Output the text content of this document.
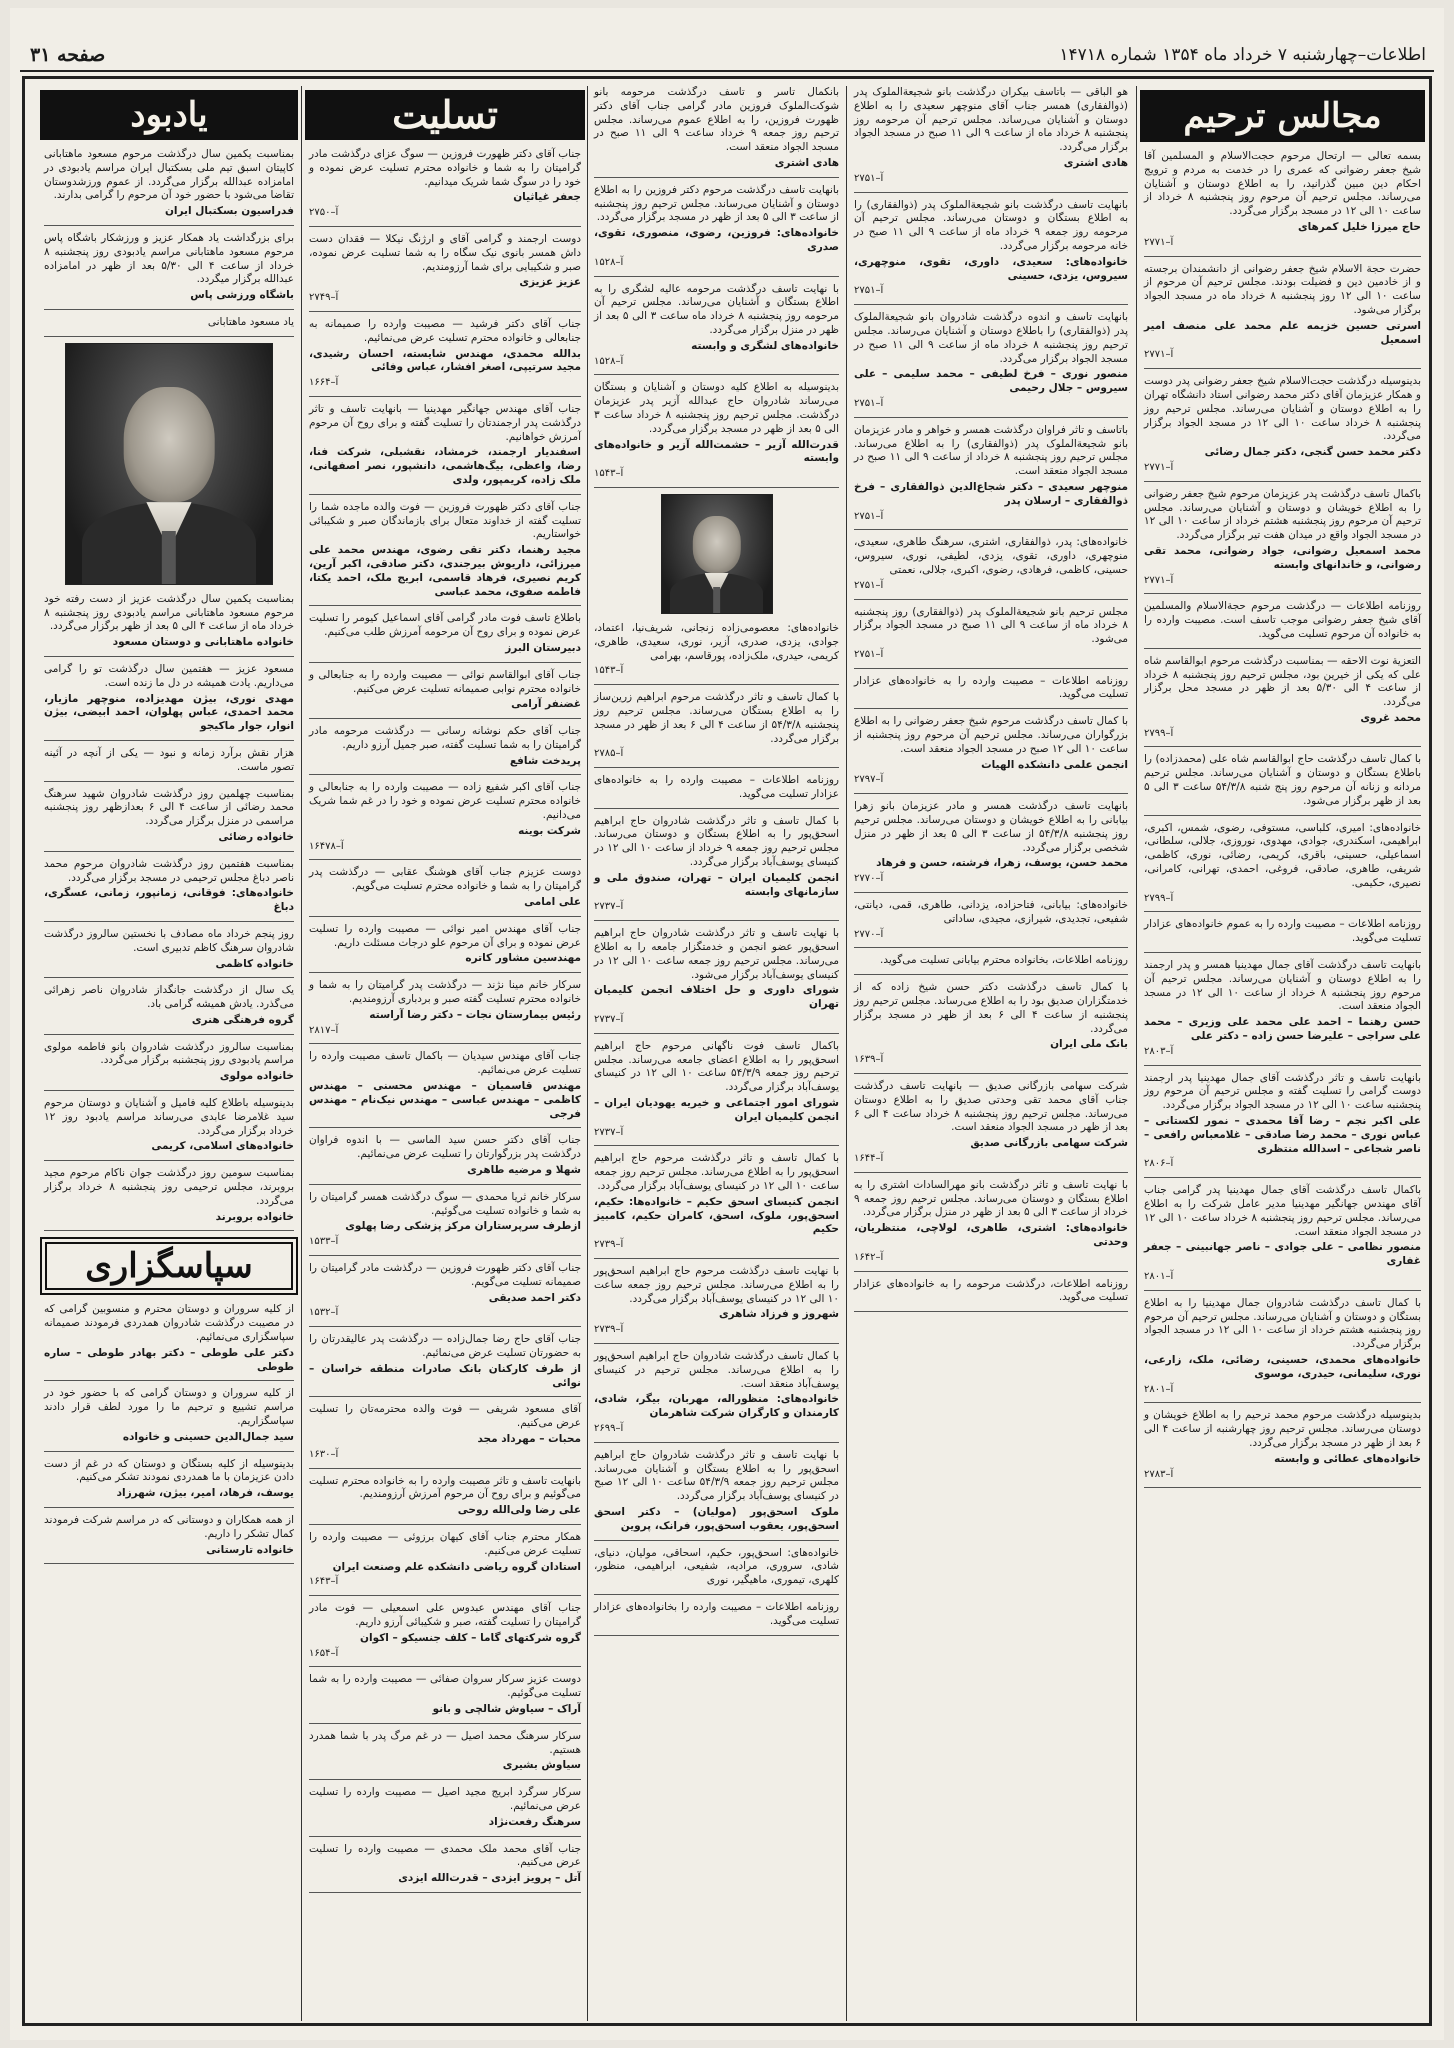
اطلاعات–چهارشنبه ۷ خرداد ماه ۱۳۵۴ شماره ۱۴۷۱۸
صفحه ۳۱
مجالس ترحیم

بسمه تعالی — ارتحال مرحوم حجت‌الاسلام و المسلمین آقا شیخ جعفر رضوانی که عمری را در خدمت به مردم و ترویج احکام دین مبین گذرانید، را به اطلاع دوستان و آشنایان می‌رساند. مجلس ترحیم آن مرحوم روز پنجشنبه ۸ خرداد از ساعت ۱۰ الی ۱۲ در مسجد برگزار می‌گردد.

حاج میرزا خلیل کمرهای
آ–۲۷۷۱

حضرت حجة الاسلام شیخ جعفر رضوانی از دانشمندان برجسته و از خادمین دین و فضیلت بودند. مجلس ترحیم آن مرحوم از ساعت ۱۰ الی ۱۲ روز پنجشنبه ۸ خرداد ماه در مسجد الجواد برگزار می‌شود.

اسرتی حسین خزیمه علم محمد علی منصف امیر اسمعیل
آ–۲۷۷۱

بدینوسیله درگذشت حجت‌الاسلام شیخ جعفر رضوانی پدر دوست و همکار عزیزمان آقای دکتر محمد رضوانی استاد دانشگاه تهران را به اطلاع دوستان و آشنایان می‌رساند. مجلس ترحیم روز پنجشنبه ۸ خرداد ساعت ۱۰ الی ۱۲ در مسجد الجواد برگزار می‌گردد.

دکتر محمد حسن گنجی، دکتر جمال رضائی
آ–۲۷۷۱

باکمال تاسف درگذشت پدر عزیزمان مرحوم شیخ جعفر رضوانی را به اطلاع خویشان و دوستان و آشنایان می‌رساند. مجلس ترحیم آن مرحوم روز پنجشنبه هشتم خرداد از ساعت ۱۰ الی ۱۲ در مسجد الجواد واقع در میدان هفت تیر برگزار می‌گردد.

محمد اسمعیل رضوانی، جواد رضوانی، محمد تقی رضوانی، و خاندانهای وابسته
آ–۲۷۷۱

روزنامه اطلاعات — درگذشت مرحوم حجة‌الاسلام والمسلمین آقای شیخ جعفر رضوانی موجب تاسف است. مصیبت وارده را به خانواده آن مرحوم تسلیت می‌گوید.

التعزیة نوت الاحقه — بمناسبت درگذشت مرحوم ابوالقاسم شاه علی که یکی از خیرین بود، مجلس ترحیم روز پنجشنبه ۸ خرداد از ساعت ۴ الی ۵/۳۰ بعد از ظهر در مسجد محل برگزار می‌گردد.

محمد غروی
آ–۲۷۹۹

با کمال تاسف درگذشت حاج ابوالقاسم شاه علی (محمدزاده) را باطلاع بستگان و دوستان و آشنایان می‌رساند. مجلس ترحیم مردانه و زنانه آن مرحوم روز پنج شنبه ۵۴/۳/۸ ساعت ۳ الی ۵ بعد از ظهر برگزار می‌شود.

خانواده‌های: امیری، کلباسی، مستوفی، رضوی، شمس، اکبری، ابراهیمی، اسکندری، جوادی، مهدوی، نوروزی، جلالی، سلطانی، اسماعیلی، حسینی، باقری، کریمی، رضائی، نوری، کاظمی، شریفی، طاهری، صادقی، فروغی، احمدی، تهرانی، کامرانی، نصیری، حکیمی.

آ–۲۷۹۹

روزنامه اطلاعات – مصیبت وارده را به عموم خانواده‌های عزادار تسلیت می‌گوید.

بانهایت تاسف درگذشت آقای جمال مهدینیا همسر و پدر ارجمند را به اطلاع دوستان و آشنایان می‌رساند. مجلس ترحیم آن مرحوم روز پنجشنبه ۸ خرداد از ساعت ۱۰ الی ۱۲ در مسجد الجواد منعقد است.

حسن رهنما – احمد علی محمد علی وزیری – محمد علی سراجی – علیرضا حسن زاده – دکتر علی
آ–۲۸۰۳

بانهایت تاسف و تاثر درگذشت آقای جمال مهدینیا پدر ارجمند دوست گرامی را تسلیت گفته و مجلس ترحیم آن مرحوم روز پنجشنبه ساعت ۱۰ الی ۱۲ در مسجد الجواد برگزار می‌گردد.

علی اکبر نجم – رضا آقا محمدی – نمور لکستانی – عباس نوری – محمد رضا صادقی – غلامعباس رافعی – ناصر شجاعی – اسدالله منتظری
آ–۲۸۰۶

باکمال تاسف درگذشت آقای جمال مهدینیا پدر گرامی جناب آقای مهندس جهانگیر مهدینیا مدیر عامل شرکت را به اطلاع می‌رساند. مجلس ترحیم روز پنجشنبه ۸ خرداد ساعت ۱۰ الی ۱۲ در مسجد الجواد منعقد است.

منصور نظامی – علی جوادی – ناصر جهانبینی – جعفر غفاری
آ–۲۸۰۱

با کمال تاسف درگذشت شادروان جمال مهدینیا را به اطلاع بستگان و دوستان و آشنایان می‌رساند. مجلس ترحیم آن مرحوم روز پنجشنبه هشتم خرداد از ساعت ۱۰ الی ۱۲ در مسجد الجواد برگزار می‌گردد.

خانواده‌های محمدی، حسینی، رضائی، ملک، زارعی، نوری، سلیمانی، حیدری، موسوی
آ–۲۸۰۱

بدینوسیله درگذشت مرحوم محمد ترحیم را به اطلاع خویشان و دوستان می‌رساند. مجلس ترحیم روز چهارشنبه از ساعت ۴ الی ۶ بعد از ظهر در مسجد برگزار می‌گردد.

خانواده‌های عطائی و وابسته
آ–۲۷۸۳

هو الباقی — باتاسف بیکران درگذشت بانو شجیعةالملوک پدر (ذوالفقاری) همسر جناب آقای منوچهر سعیدی را به اطلاع دوستان و آشنایان می‌رساند. مجلس ترحیم آن مرحومه روز پنجشنبه ۸ خرداد ماه از ساعت ۹ الی ۱۱ صبح در مسجد الجواد برگزار می‌گردد.

هادی اشتری
آ–۲۷۵۱

بانهایت تاسف درگذشت بانو شجیعةالملوک پدر (ذوالفقاری) را به اطلاع بستگان و دوستان می‌رساند. مجلس ترحیم آن مرحومه روز جمعه ۹ خرداد ماه از ساعت ۹ الی ۱۱ صبح در خانه مرحومه برگزار می‌گردد.

خانواده‌های: سعیدی، داوری، تقوی، منوچهری، سیروس، یزدی، حسینی
آ–۲۷۵۱

بانهایت تاسف و اندوه درگذشت شادروان بانو شجیعةالملوک پدر (ذوالفقاری) را باطلاع دوستان و آشنایان می‌رساند. مجلس ترحیم روز پنجشنبه ۸ خرداد ماه از ساعت ۹ الی ۱۱ صبح در مسجد الجواد برگزار می‌گردد.

منصور نوری – فرخ لطیفی – محمد سلیمی – علی سیروس – جلال رحیمی
آ–۲۷۵۱

باتاسف و تاثر فراوان درگذشت همسر و خواهر و مادر عزیزمان بانو شجیعةالملوک پدر (ذوالفقاری) را به اطلاع می‌رساند. مجلس ترحیم روز پنجشنبه ۸ خرداد از ساعت ۹ الی ۱۱ صبح در مسجد الجواد منعقد است.

منوچهر سعیدی – دکتر شجاع‌الدین ذوالفقاری – فرخ ذوالفقاری – ارسلان پدر
آ–۲۷۵۱

خانواده‌های: پدر، ذوالفقاری، اشتری، سرهنگ طاهری، سعیدی، منوچهری، داوری، تقوی، یزدی، لطیفی، نوری، سیروس، حسینی، کاظمی، فرهادی، رضوی، اکبری، جلالی، نعمتی

آ–۲۷۵۱

مجلس ترحیم بانو شجیعةالملوک پدر (ذوالفقاری) روز پنجشنبه ۸ خرداد ماه از ساعت ۹ الی ۱۱ صبح در مسجد الجواد برگزار می‌شود.

آ–۲۷۵۱

روزنامه اطلاعات – مصیبت وارده را به خانواده‌های عزادار تسلیت می‌گوید.

با کمال تاسف درگذشت مرحوم شیخ جعفر رضوانی را به اطلاع بزرگواران می‌رساند. مجلس ترحیم آن مرحوم روز پنجشنبه از ساعت ۱۰ الی ۱۲ صبح در مسجد الجواد منعقد است.

انجمن علمی دانشکده الهیات
آ–۲۷۹۷

بانهایت تاسف درگذشت همسر و مادر عزیزمان بانو زهرا بیابانی را به اطلاع خویشان و دوستان می‌رساند. مجلس ترحیم روز پنجشنبه ۵۴/۳/۸ از ساعت ۳ الی ۵ بعد از ظهر در منزل شخصی برگزار می‌گردد.

محمد حسن، یوسف، زهرا، فرشته، حسن و فرهاد
آ–۲۷۷۰

خانواده‌های: بیابانی، فتاحزاده، یزدانی، طاهری، قمی، دیانتی، شفیعی، تجدیدی، شیرازی، مجیدی، ساداتی

آ–۲۷۷۰

روزنامه اطلاعات، بخانواده محترم بیابانی تسلیت می‌گوید.

با کمال تاسف درگذشت دکتر حسن شیخ زاده که از خدمتگزاران صدیق بود را به اطلاع می‌رساند. مجلس ترحیم روز پنجشنبه از ساعت ۴ الی ۶ بعد از ظهر در مسجد برگزار می‌گردد.

بانک ملی ایران
آ–۱۶۳۹

شرکت سهامی بازرگانی صدیق — بانهایت تاسف درگذشت جناب آقای محمد تقی وحدتی صدیق را به اطلاع دوستان می‌رساند. مجلس ترحیم روز پنجشنبه ۸ خرداد ساعت ۴ الی ۶ بعد از ظهر در مسجد الجواد منعقد است.

شرکت سهامی بازرگانی صدیق
آ–۱۶۴۴

با نهایت تاسف و تاثر درگذشت بانو مهرالسادات اشتری را به اطلاع بستگان و دوستان می‌رساند. مجلس ترحیم روز جمعه ۹ خرداد از ساعت ۳ الی ۵ بعد از ظهر در منزل برگزار می‌گردد.

خانواده‌های: اشتری، طاهری، لولاچی، منتظریان، وحدتی
آ–۱۶۴۲

روزنامه اطلاعات، درگذشت مرحومه را به خانواده‌های عزادار تسلیت می‌گوید.

بانکمال تاسر و تاسف درگذشت مرحومه بانو شوکت‌الملوک فروزین مادر گرامی جناب آقای دکتر ظهورت فروزین، را به اطلاع عموم می‌رساند. مجلس ترحیم روز جمعه ۹ خرداد ساعت ۹ الی ۱۱ صبح در مسجد الجواد منعقد است.

هادی اشتری

بانهایت تاسف درگذشت مرحوم دکتر فروزین را به اطلاع دوستان و آشنایان می‌رساند. مجلس ترحیم روز پنجشنبه از ساعت ۳ الی ۵ بعد از ظهر در مسجد برگزار می‌گردد.

خانواده‌های: فروزین، رضوی، منصوری، تقوی، صدری
آ–۱۵۲۸

با نهایت تاسف درگذشت مرحومه عالیه لشگری را به اطلاع بستگان و آشنایان می‌رساند. مجلس ترحیم آن مرحومه روز پنجشنبه ۸ خرداد ماه ساعت ۳ الی ۵ بعد از ظهر در منزل برگزار می‌گردد.

خانواده‌های لشگری و وابسته
آ–۱۵۲۸

بدینوسیله به اطلاع کلیه دوستان و آشنایان و بستگان می‌رساند شادروان حاج عبدالله آزیر پدر عزیزمان درگذشت. مجلس ترحیم روز پنجشنبه ۸ خرداد ساعت ۳ الی ۵ بعد از ظهر در مسجد برگزار می‌گردد.

قدرت‌الله آزیر – حشمت‌الله آزیر و خانواده‌های وابسته
آ–۱۵۴۳

خانواده‌های: معصومی‌زاده زنجانی، شریف‌نیا، اعتماد، جوادی، یزدی، صدری، آزیر، نوری، سعیدی، طاهری، کریمی، حیدری، ملک‌زاده، پورقاسم، بهرامی

آ–۱۵۴۳

با کمال تاسف و تاثر درگذشت مرحوم ابراهیم زرین‌ساز را به اطلاع بستگان می‌رساند. مجلس ترحیم روز پنجشنبه ۵۴/۳/۸ از ساعت ۴ الی ۶ بعد از ظهر در مسجد برگزار می‌گردد.

آ–۲۷۸۵

روزنامه اطلاعات – مصیبت وارده را به خانواده‌های عزادار تسلیت می‌گوید.

با کمال تاسف و تاثر درگذشت شادروان حاج ابراهیم اسحق‌پور را به اطلاع بستگان و دوستان می‌رساند. مجلس ترحیم روز جمعه ۹ خرداد از ساعت ۱۰ الی ۱۲ در کنیسای یوسف‌آباد برگزار می‌گردد.

انجمن کلیمیان ایران – تهران، صندوق ملی و سازمانهای وابسته
آ–۲۷۳۷

با نهایت تاسف و تاثر درگذشت شادروان حاج ابراهیم اسحق‌پور عضو انجمن و خدمتگزار جامعه را به اطلاع می‌رساند. مجلس ترحیم روز جمعه ساعت ۱۰ الی ۱۲ در کنیسای یوسف‌آباد برگزار می‌شود.

شورای داوری و حل اختلاف انجمن کلیمیان تهران
آ–۲۷۳۷

باکمال تاسف فوت ناگهانی مرحوم حاج ابراهیم اسحق‌پور را به اطلاع اعضای جامعه می‌رساند. مجلس ترحیم روز جمعه ۵۴/۳/۹ ساعت ۱۰ الی ۱۲ در کنیسای یوسف‌آباد برگزار می‌گردد.

شورای امور اجتماعی و خیریه یهودیان ایران – انجمن کلیمیان ایران
آ–۲۷۳۷

با کمال تاسف و تاثر درگذشت مرحوم حاج ابراهیم اسحق‌پور را به اطلاع می‌رساند. مجلس ترحیم روز جمعه ساعت ۱۰ الی ۱۲ در کنیسای یوسف‌آباد برگزار می‌گردد.

انجمن کنیسای اسحق حکیم – خانواده‌ها: حکیم، اسحق‌پور، ملوک، اسحق، کامران حکیم، کامبیز حکیم
آ–۲۷۳۹

با نهایت تاسف درگذشت مرحوم حاج ابراهیم اسحق‌پور را به اطلاع می‌رساند. مجلس ترحیم روز جمعه ساعت ۱۰ الی ۱۲ در کنیسای یوسف‌آباد برگزار می‌گردد.

شهروز و فرزاد شاهری
آ–۲۷۳۹

با کمال تاسف درگذشت شادروان حاج ابراهیم اسحق‌پور را به اطلاع می‌رساند. مجلس ترحیم در کنیسای یوسف‌آباد منعقد است.

خانواده‌های: منظوراله، مهربان، بیگر، شادی، کارمندان و کارگران شرکت شاهرمان
آ–۲۶۹۹

با نهایت تاسف و تاثر درگذشت شادروان حاج ابراهیم اسحق‌پور را به اطلاع بستگان و آشنایان می‌رساند. مجلس ترحیم روز جمعه ۵۴/۳/۹ ساعت ۱۰ الی ۱۲ صبح در کنیسای یوسف‌آباد برگزار می‌گردد.

ملوک اسحق‌پور (مولیان) – دکتر اسحق اسحق‌پور، یعقوب اسحق‌پور، فرانک، پروین

خانواده‌های: اسحق‌پور، حکیم، اسحاقی، مولیان، دنیای، شادی، سروری، مرادیه، شفیعی، ابراهیمی، منظور، کلهری، تیموری، ماهیگیر، نوری

روزنامه اطلاعات – مصیبت وارده را بخانواده‌های عزادار تسلیت می‌گوید.

تسلیت

جناب آقای دکتر ظهورت فروزین — سوگ عزای درگذشت مادر گرامیتان را به شما و خانواده محترم تسلیت عرض نموده و خود را در سوگ شما شریک میدانیم.

جعفر غیاثیان
آ–۲۷۵۰

دوست ارجمند و گرامی آقای و ارژنگ نیکلا — فقدان دست داش همسر بانوی نیک سگاه را به شما تسلیت عرض نموده، صبر و شکیبایی برای شما آرزومندیم.

عزیز عزیزی
آ–۲۷۴۹

جناب آقای دکتر فرشید — مصیبت وارده را صمیمانه به جنابعالی و خانواده محترم تسلیت عرض می‌نمائیم.

بدالله محمدی، مهندس شایسته، احسان رشیدی، مجید سرتیپی، اصغر افشار، عباس وفائی
آ–۱۶۶۴

جناب آقای مهندس جهانگیر مهدینیا — بانهایت تاسف و تاثر درگذشت پدر ارجمندتان را تسلیت گفته و برای روح آن مرحوم آمرزش خواهانیم.

اسفندیار ارجمند، خرمشاد، نقشبلی، شرکت فنا، رضا، واعظی، بیگ‌هاشمی، دانشپور، نصر اصفهانی، ملک زاده، کریمپور، ولدی

جناب آقای دکتر ظهورت فروزین — فوت والده ماجده شما را تسلیت گفته از خداوند متعال برای بازماندگان صبر و شکیبائی خواستاریم.

مجید رهنما، دکتر تقی رضوی، مهندس محمد علی میرزائی، داریوش بیرجندی، دکتر صادقی، اکبر آرین، کریم نصیری، فرهاد قاسمی، ابریج ملک، احمد یکتا، فاطمه صفوی، محمد عباسی

باطلاع تاسف فوت مادر گرامی آقای اسماعیل کیومر را تسلیت عرض نموده و برای روح آن مرحومه آمرزش طلب می‌کنیم.

دبیرستان البرز

جناب آقای ابوالقاسم نوائی — مصیبت وارده را به جنابعالی و خانواده محترم نوابی صمیمانه تسلیت عرض می‌کنیم.

غضنفر آرامی

جناب آقای حکم نوشانه رسانی — درگذشت مرحومه مادر گرامیتان را به شما تسلیت گفته، صبر جمیل آرزو داریم.

پریدخت شافع

جناب آقای اکبر شفیع زاده — مصیبت وارده را به جنابعالی و خانواده محترم تسلیت عرض نموده و خود را در غم شما شریک می‌دانیم.

شرکت بوینه
آ–۱۶۴۷۸

دوست عزیزم جناب آقای هوشنگ عقابی — درگذشت پدر گرامیتان را به شما و خانواده محترم تسلیت می‌گویم.

علی امامی

جناب آقای مهندس امیر نوائی — مصیبت وارده را تسلیت عرض نموده و برای آن مرحوم علو درجات مسئلت داریم.

مهندسین مشاور کاتره

سرکار خانم مینا نژند — درگذشت پدر گرامیتان را به شما و خانواده محترم تسلیت گفته صبر و بردباری آرزومندیم.

رئیس بیمارستان نجات – دکتر رضا آراسته
آ–۲۸۱۷

جناب آقای مهندس سیدیان — باکمال تاسف مصیبت وارده را تسلیت عرض می‌نمائیم.

مهندس قاسمیان – مهندس محسنی – مهندس کاظمی – مهندس عباسی – مهندس نیک‌نام – مهندس فرجی

جناب آقای دکتر حسن سید الماسی — با اندوه فراوان درگذشت پدر بزرگوارتان را تسلیت عرض می‌نمائیم.

شهلا و مرضیه طاهری

سرکار خانم ثریا محمدی — سوگ درگذشت همسر گرامیتان را به شما و خانواده تسلیت می‌گوئیم.

ازطرف سرپرستاران مرکز پزشکی رضا پهلوی
آ–۱۵۳۳

جناب آقای دکتر ظهورت فروزین — درگذشت مادر گرامیتان را صمیمانه تسلیت می‌گویم.

دکتر احمد صدیقی
آ–۱۵۳۲

جناب آقای حاج رضا جمال‌زاده — درگذشت پدر عالیقدرتان را به حضورتان تسلیت عرض می‌نمائیم.

از طرف کارکنان بانک صادرات منطقه خراسان – نوائی

آقای مسعود شریفی — فوت والده محترمه‌تان را تسلیت عرض می‌کنیم.

محبات – مهرداد مجد
آ–۱۶۳۰

بانهایت تاسف و تاثر مصیبت وارده را به خانواده محترم تسلیت می‌گوئیم و برای روح آن مرحوم آمرزش آرزومندیم.

علی رضا ولی‌الله روحی

همکار محترم جناب آقای کیهان برزوئی — مصیبت وارده را تسلیت عرض می‌کنیم.

استادان گروه ریاضی دانشکده علم وصنعت ایران
آ–۱۶۴۳

جناب آقای مهندس عبدوس علی اسمعیلی — فوت مادر گرامیتان را تسلیت گفته، صبر و شکیبائی آرزو داریم.

گروه شرکتهای گاما – کلف جنسیکو – اکوان
آ–۱۶۵۴

دوست عزیز سرکار سروان صفائی — مصیبت وارده را به شما تسلیت می‌گوئیم.

آراک – سیاوش شالچی و بانو

سرکار سرهنگ محمد اصیل — در غم مرگ پدر با شما همدرد هستیم.

سیاوش بشیری

سرکار سرگرد ابریج مجید اصیل — مصیبت وارده را تسلیت عرض می‌نمائیم.

سرهنگ رفعت‌نژاد

جناب آقای محمد ملک محمدی — مصیبت وارده را تسلیت عرض می‌کنیم.

آتل – پرویز ایزدی – قدرت‌الله ایزدی
یادبود

بمناسبت یکمین سال درگذشت مرحوم مسعود ماهتابانی کاپیتان اسبق تیم ملی بسکتبال ایران مراسم یادبودی در امامزاده عبدالله برگزار می‌گردد. از عموم ورزشدوستان تقاضا می‌شود با حضور خود آن مرحوم را گرامی بدارند.

فدراسیون بسکتبال ایران

برای بزرگداشت یاد همکار عزیز و ورزشکار باشگاه پاس مرحوم مسعود ماهتابانی مراسم یادبودی روز پنجشنبه ۸ خرداد از ساعت ۴ الی ۵/۳۰ بعد از ظهر در امامزاده عبدالله برگزار میگردد.

باشگاه ورزشی پاس

یاد مسعود ماهتابانی

بمناسبت یکمین سال درگذشت عزیز از دست رفته خود مرحوم مسعود ماهتابانی مراسم یادبودی روز پنجشنبه ۸ خرداد ماه از ساعت ۴ الی ۵ بعد از ظهر برگزار می‌گردد.

خانواده ماهتابانی و دوستان مسعود

مسعود عزیز — هفتمین سال درگذشت تو را گرامی می‌داریم. یادت همیشه در دل ما زنده است.

مهدی نوری، بیژن مهدیزاده، منوچهر مازیار، محمد احمدی، عباس پهلوان، احمد ابیضی، بیژن انوار، جوار ماکیجو

هزار نقش برآرد زمانه و نبود — یکی از آنچه در آئینه تصور ماست.

بمناسبت چهلمین روز درگذشت شادروان شهید سرهنگ محمد رضائی از ساعت ۴ الی ۶ بعدازظهر روز پنجشنبه مراسمی در منزل برگزار می‌گردد.

خانواده رضائی

بمناسبت هفتمین روز درگذشت شادروان مرحوم محمد ناصر دباغ مجلس ترحیمی در مسجد برگزار می‌گردد.

خانواده‌های: فوقانی، زمانپور، زمانی، عسگری، دباغ

روز پنجم خرداد ماه مصادف با نخستین سالروز درگذشت شادروان سرهنگ کاظم تدبیری است.

خانواده کاظمی

یک سال از درگذشت جانگداز شادروان ناصر زهرائی می‌گذرد. یادش همیشه گرامی باد.

گروه فرهنگی هنری

بمناسبت سالروز درگذشت شادروان بانو فاطمه مولوی مراسم یادبودی روز پنجشنبه برگزار می‌گردد.

خانواده مولوی

بدینوسیله باطلاع کلیه فامیل و آشنایان و دوستان مرحوم سید غلامرضا عابدی می‌رساند مراسم یادبود روز ۱۲ خرداد برگزار می‌گردد.

خانواده‌های اسلامی، کریمی

بمناسبت سومین روز درگذشت جوان ناکام مرحوم مجید بروبرند، مجلس ترحیمی روز پنجشنبه ۸ خرداد برگزار می‌گردد.

خانواده بروبرند
سپاسگزاری

از کلیه سروران و دوستان محترم و منسوبین گرامی که در مصیبت درگذشت شادروان همدردی فرمودند صمیمانه سپاسگزاری می‌نمائیم.

دکتر علی طوطی – دکتر بهادر طوطی – ساره طوطی

از کلیه سروران و دوستان گرامی که با حضور خود در مراسم تشییع و ترحیم ما را مورد لطف قرار دادند سپاسگزاریم.

سید جمال‌الدین حسینی و خانواده

بدینوسیله از کلیه بستگان و دوستان که در غم از دست دادن عزیزمان با ما همدردی نمودند تشکر می‌کنیم.

یوسف، فرهاد، امیر، بیژن، شهرزاد

از همه همکاران و دوستانی که در مراسم شرکت فرمودند کمال تشکر را داریم.

خانواده تارستانی
